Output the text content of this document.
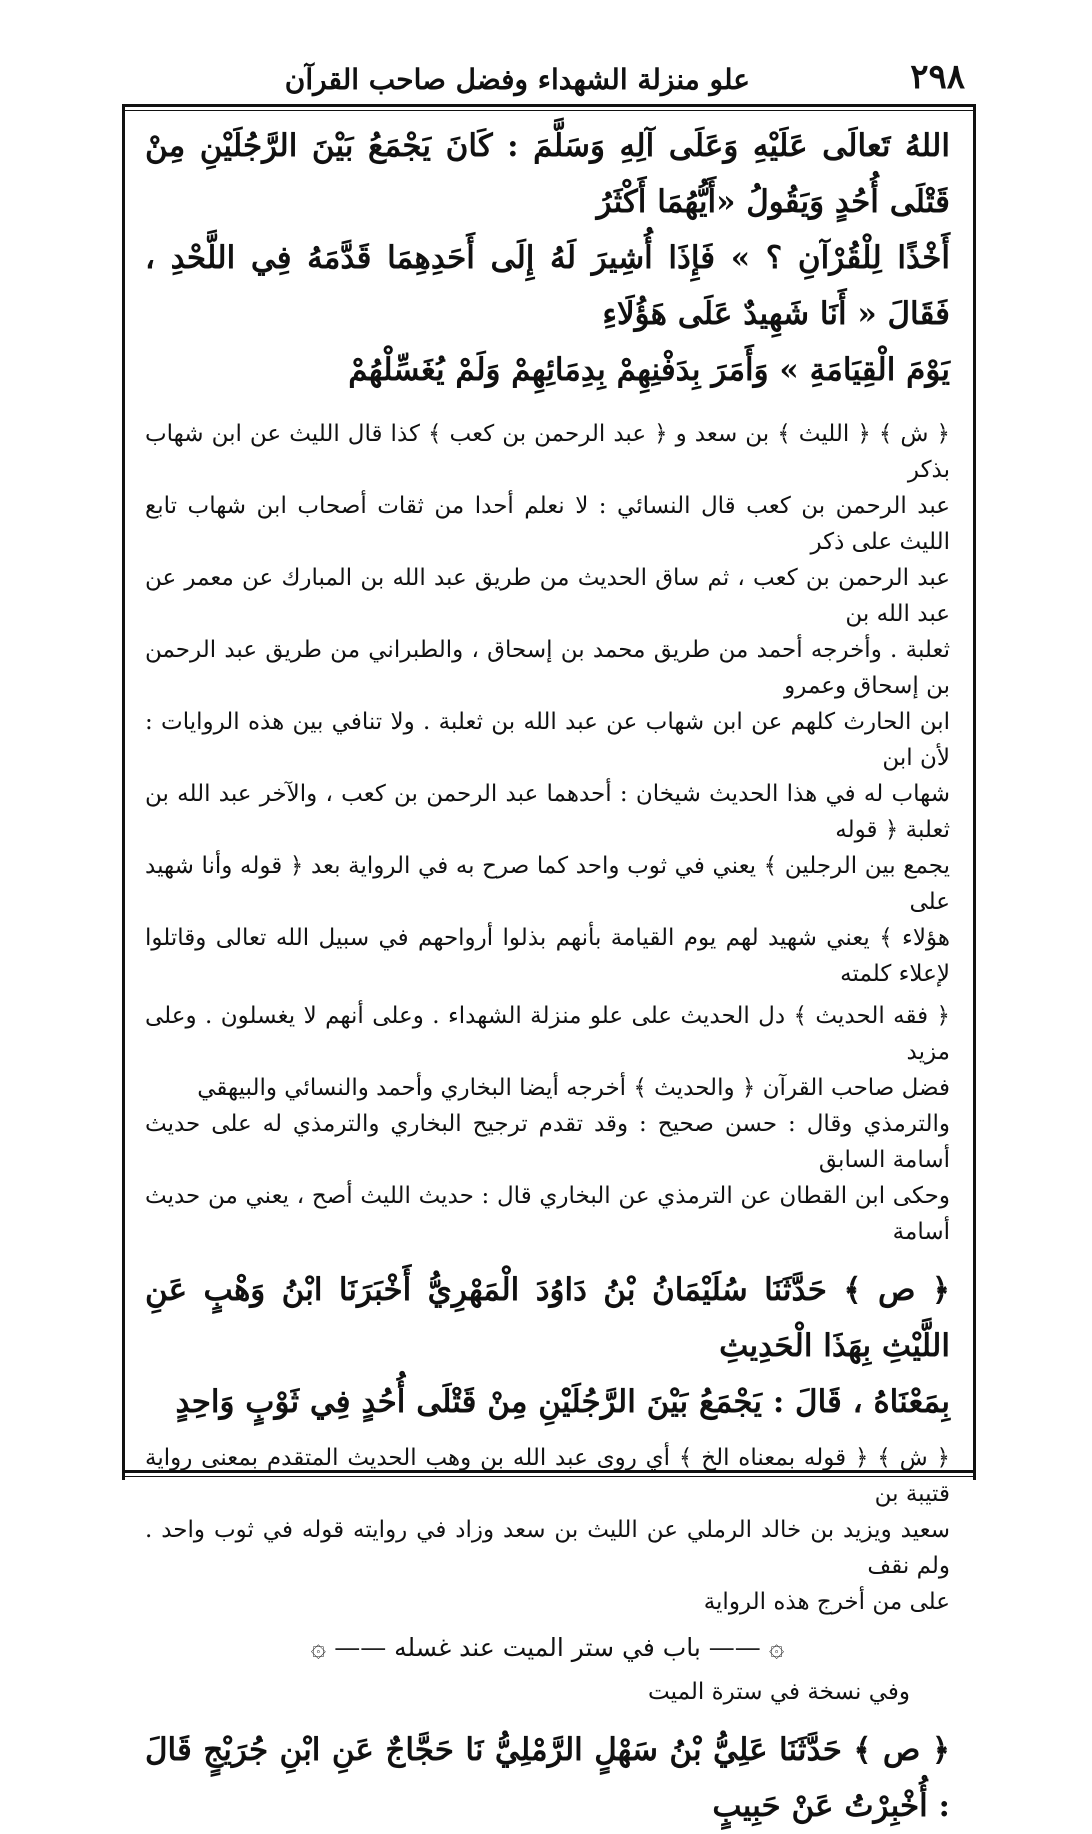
٢٩٨
علو منزلة الشهداء وفضل صاحب القرآن

اللهُ تَعالَى عَلَيْهِ وَعَلَى آلِهِ وَسَلَّمَ : كَانَ يَجْمَعُ بَيْنَ الرَّجُلَيْنِ مِنْ قَتْلَى أُحُدٍ وَيَقُولُ «أَيُّهُمَا أَكْثَرُ

أَخْذًا لِلْقُرْآنِ ؟ » فَإِذَا أُشِيرَ لَهُ إِلَى أَحَدِهِمَا قَدَّمَهُ فِي اللَّحْدِ ، فَقَالَ « أَنَا شَهِيدٌ عَلَى هَؤُلَاءِ

يَوْمَ الْقِيَامَةِ » وَأَمَرَ بِدَفْنِهِمْ بِدِمَائِهِمْ وَلَمْ يُغَسِّلْهُمْ

﴿ ش ﴾ ﴿ الليث ﴾ بن سعد و ﴿ عبد الرحمن بن كعب ﴾ كذا قال الليث عن ابن شهاب بذكر

عبد الرحمن بن كعب قال النسائي : لا نعلم أحدا من ثقات أصحاب ابن شهاب تابع الليث على ذكر

عبد الرحمن بن كعب ، ثم ساق الحديث من طريق عبد الله بن المبارك عن معمر عن عبد الله بن

ثعلبة . وأخرجه أحمد من طريق محمد بن إسحاق ، والطبراني من طريق عبد الرحمن بن إسحاق وعمرو

ابن الحارث كلهم عن ابن شهاب عن عبد الله بن ثعلبة . ولا تنافي بين هذه الروايات : لأن ابن

شهاب له في هذا الحديث شيخان : أحدهما عبد الرحمن بن كعب ، والآخر عبد الله بن ثعلبة ﴿ قوله

يجمع بين الرجلين ﴾ يعني في ثوب واحد كما صرح به في الرواية بعد ﴿ قوله وأنا شهيد على

هؤلاء ﴾ يعني شهيد لهم يوم القيامة بأنهم بذلوا أرواحهم في سبيل الله تعالى وقاتلوا لإعلاء كلمته

﴿ فقه الحديث ﴾ دل الحديث على علو منزلة الشهداء . وعلى أنهم لا يغسلون . وعلى مزيد

فضل صاحب القرآن ﴿ والحديث ﴾ أخرجه أيضا البخاري وأحمد والنسائي والبيهقي

والترمذي وقال : حسن صحيح : وقد تقدم ترجيح البخاري والترمذي له على حديث أسامة السابق

وحكى ابن القطان عن الترمذي عن البخاري قال : حديث الليث أصح ، يعني من حديث أسامة

﴿ ص ﴾ حَدَّثَنَا سُلَيْمَانُ بْنُ دَاوُدَ الْمَهْرِيُّ أَخْبَرَنَا ابْنُ وَهْبٍ عَنِ اللَّيْثِ بِهَذَا الْحَدِيثِ

بِمَعْنَاهُ ، قَالَ : يَجْمَعُ بَيْنَ الرَّجُلَيْنِ مِنْ قَتْلَى أُحُدٍ فِي ثَوْبٍ وَاحِدٍ

﴿ ش ﴾ ﴿ قوله بمعناه الخ ﴾ أي روى عبد الله بن وهب الحديث المتقدم بمعنى رواية قتيبة بن

سعيد ويزيد بن خالد الرملي عن الليث بن سعد وزاد في روايته قوله في ثوب واحد . ولم نقف

على من أخرج هذه الرواية

۞ —— باب في ستر الميت عند غسله —— ۞
وفي نسخة في سترة الميت

﴿ ص ﴾ حَدَّثَنَا عَلِيُّ بْنُ سَهْلٍ الرَّمْلِيُّ نَا حَجَّاجٌ عَنِ ابْنِ جُرَيْجٍ قَالَ : أُخْبِرْتُ عَنْ حَبِيبٍ
